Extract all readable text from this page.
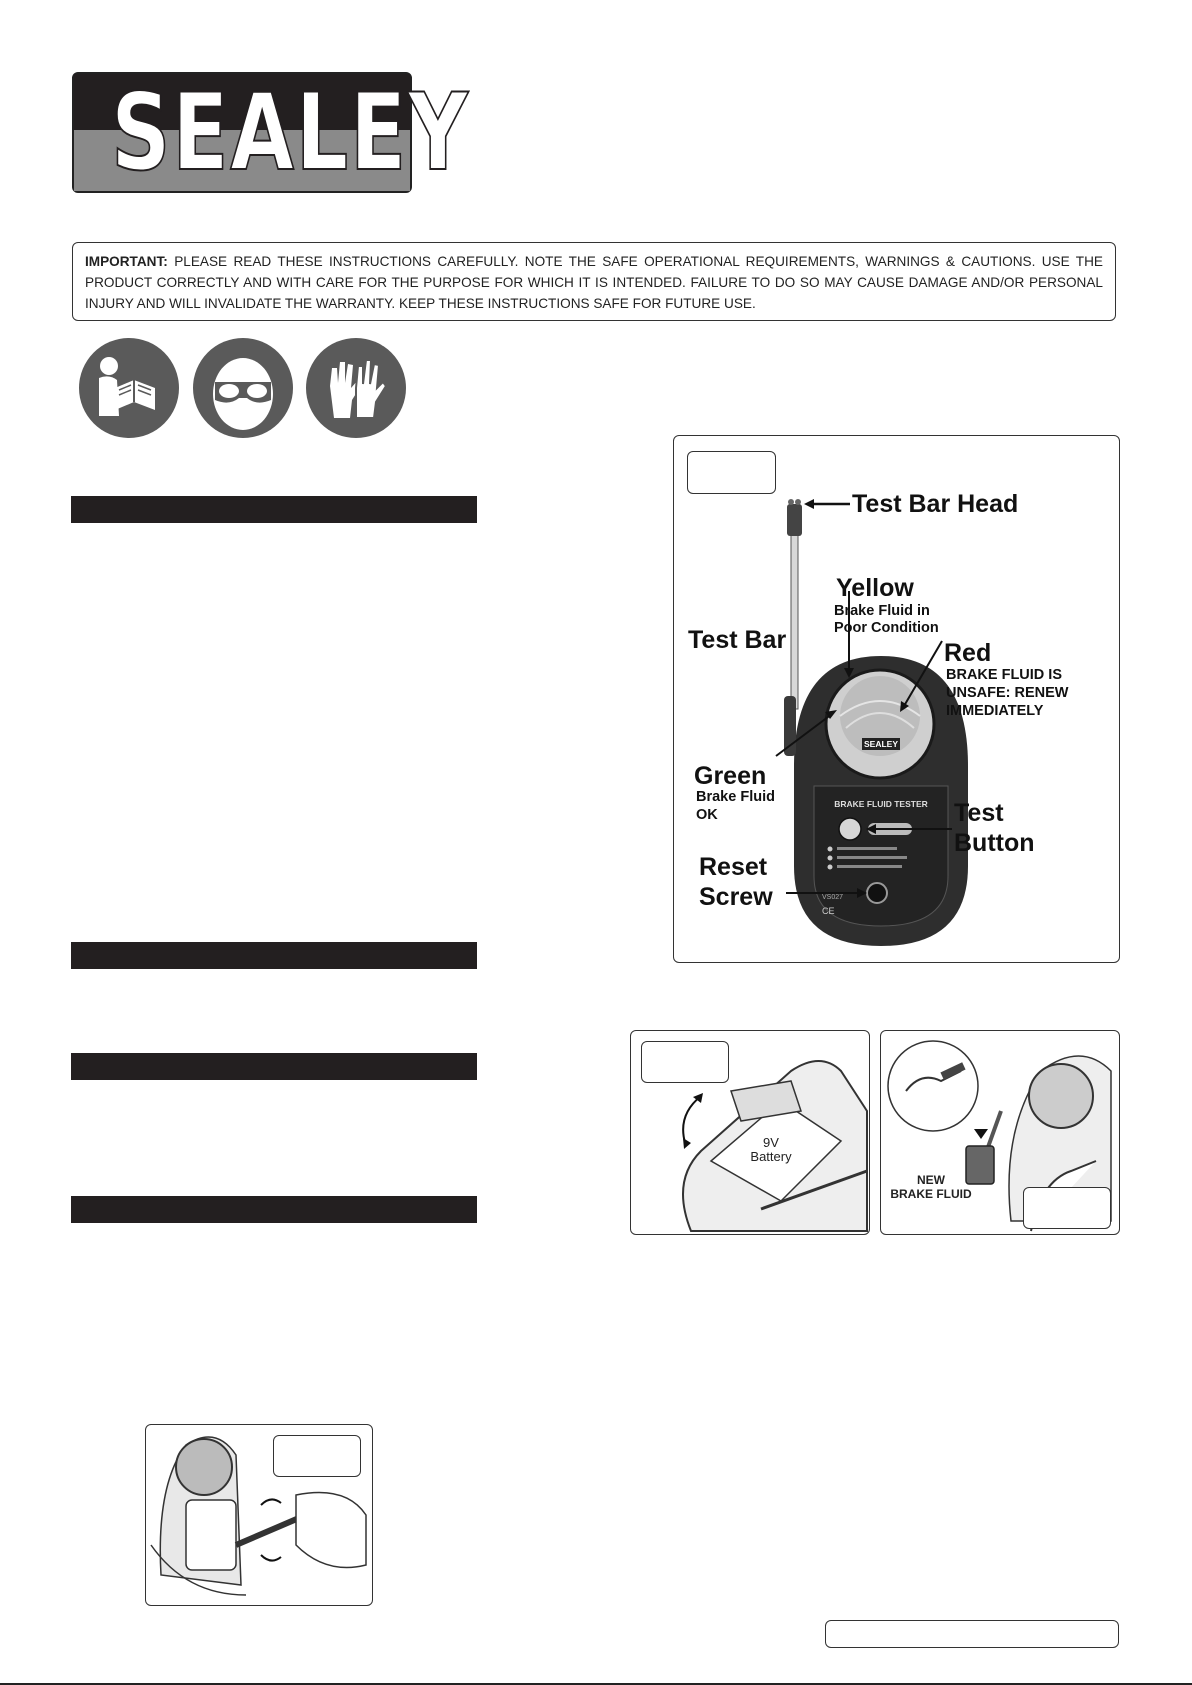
SEALEY
IMPORTANT: PLEASE READ THESE INSTRUCTIONS CAREFULLY. NOTE THE SAFE OPERATIONAL REQUIREMENTS, WARNINGS & CAUTIONS. USE THE PRODUCT CORRECTLY AND WITH CARE FOR THE PURPOSE FOR WHICH IT IS INTENDED. FAILURE TO DO SO MAY CAUSE DAMAGE AND/OR PERSONAL INJURY AND WILL INVALIDATE THE WARRANTY. KEEP THESE INSTRUCTIONS SAFE FOR FUTURE USE.
SEALEY
BRAKE FLUID TESTER
CE
VS027
Test Bar Head
Yellow
Brake Fluid in
Poor Condition
Test Bar	Red
BRAKE FLUID IS
UNSAFE: RENEW
IMMEDIATELY
Green
Brake Fluid
OK	Test
Button
Reset
Screw
9V
Battery
NEW
BRAKE FLUID
